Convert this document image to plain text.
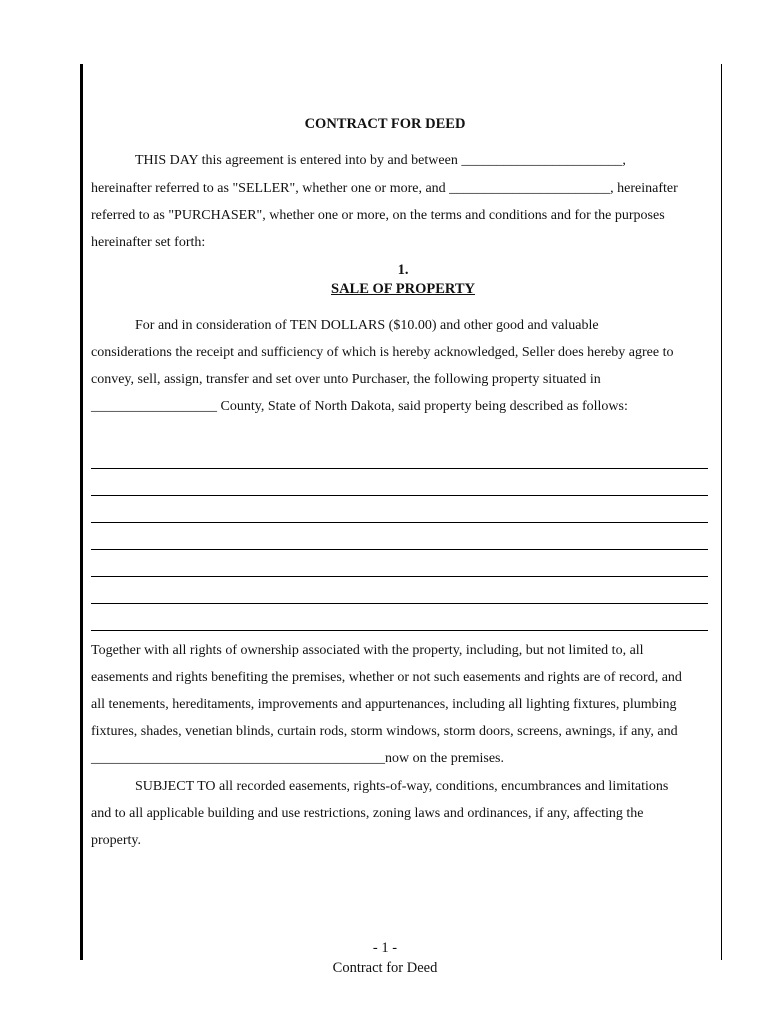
CONTRACT FOR DEED
THIS DAY this agreement is entered into by and between _______________________,
hereinafter referred to as "SELLER", whether one or more, and _______________________, hereinafter
referred to as "PURCHASER", whether one or more, on the terms and conditions and for the purposes
hereinafter set forth:
1.
SALE OF PROPERTY
For and in consideration of TEN DOLLARS ($10.00) and other good and valuable
considerations the receipt and sufficiency of which is hereby acknowledged, Seller does hereby agree to
convey, sell, assign, transfer and set over unto Purchaser, the following property situated in
__________________ County, State of North Dakota, said property being described as follows:
Together with all rights of ownership associated with the property, including, but not limited to, all
easements and rights benefiting the premises, whether or not such easements and rights are of record, and
all tenements, hereditaments, improvements and appurtenances, including all lighting fixtures, plumbing
fixtures, shades, venetian blinds, curtain rods, storm windows, storm doors, screens, awnings, if any, and
__________________________________________now on the premises.
SUBJECT TO all recorded easements, rights-of-way, conditions, encumbrances and limitations
and to all applicable building and use restrictions, zoning laws and ordinances, if any, affecting the
property.
- 1 -
Contract for Deed
